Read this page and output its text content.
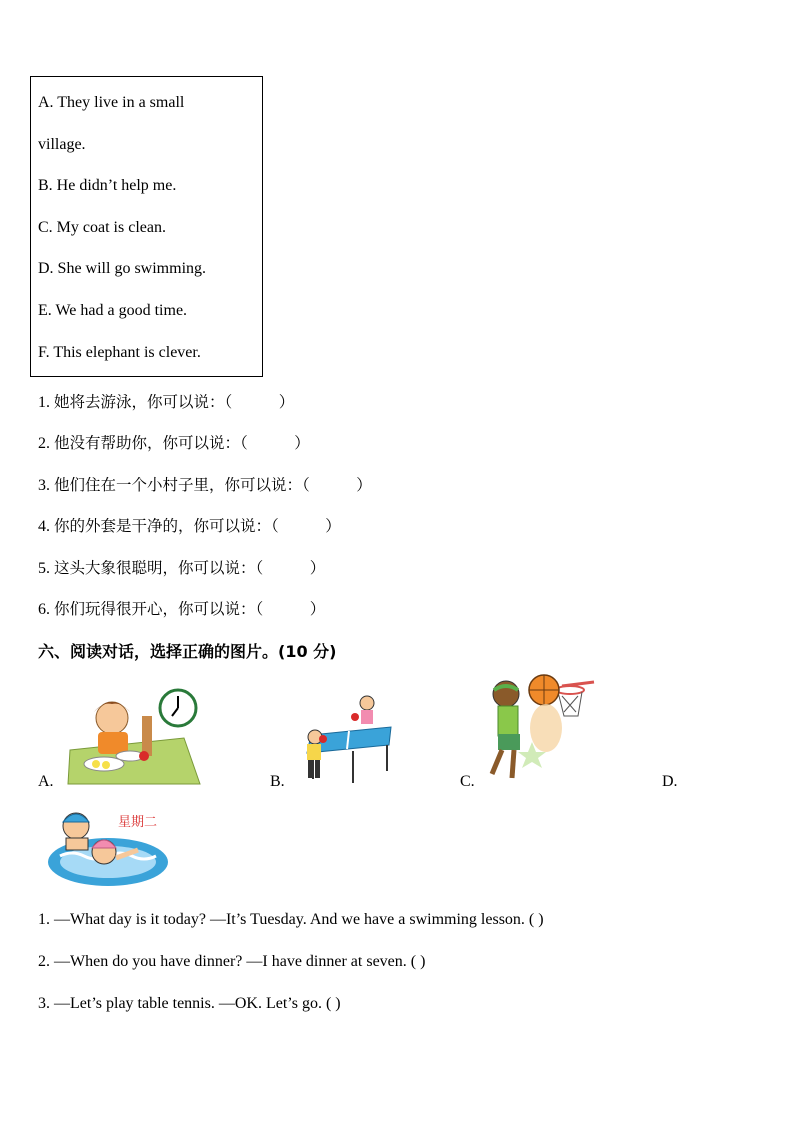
A. They live in a small
village.
B. He didn’t help me.
C. My coat is clean.
D. She will go swimming.
E. We had a good time.
F. This elephant is clever.
1. 她将去游泳，你可以说：（　　　）
2. 他没有帮助你，你可以说：（　　　）
3. 他们住在一个小村子里，你可以说：（　　　）
4. 你的外套是干净的，你可以说：（　　　）
5. 这头大象很聪明，你可以说：（　　　）
6. 你们玩得很开心，你可以说：（　　　）
六、阅读对话，选择正确的图片。(10 分)
星期二
A.	B.	C.	D.
1. —What day is it today? —It’s Tuesday. And we have a swimming lesson. ( )
2. —When do you have dinner? —I have dinner at seven. ( )
3. —Let’s play table tennis. —OK. Let’s go. ( )
